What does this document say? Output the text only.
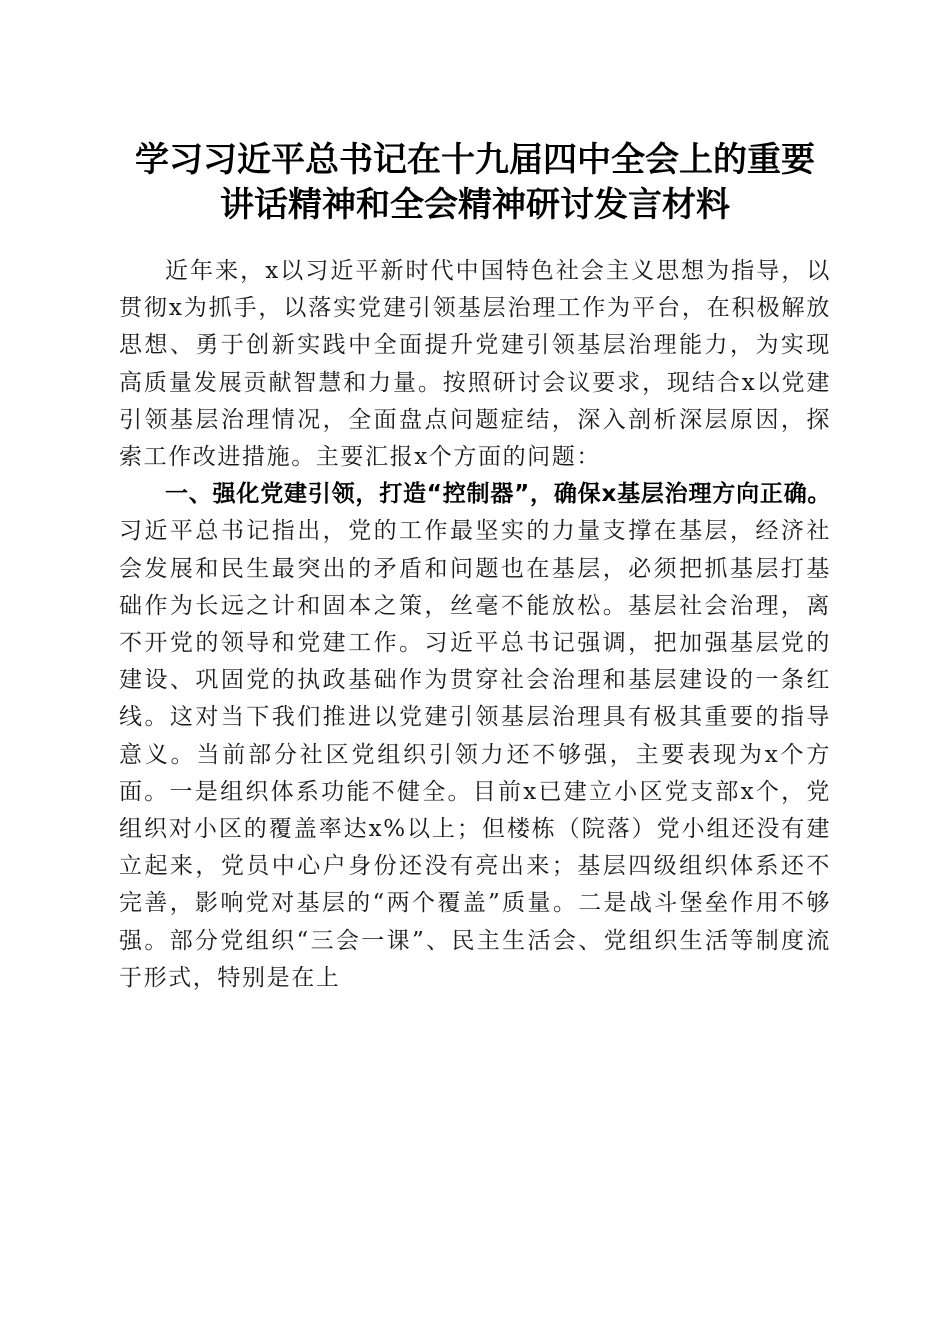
学习习近平总书记在十九届四中全会上的重要
讲话精神和全会精神研讨发言材料

近年来，x以习近平新时代中国特色社会主义思想为指导，以贯彻x为抓手，以落实党建引领基层治理工作为平台，在积极解放思想、勇于创新实践中全面提升党建引领基层治理能力，为实现高质量发展贡献智慧和力量。按照研讨会议要求，现结合x以党建引领基层治理情况，全面盘点问题症结，深入剖析深层原因，探索工作改进措施。主要汇报x个方面的问题：

一、强化党建引领，打造“控制器”，确保x基层治理方向正确。习近平总书记指出，党的工作最坚实的力量支撑在基层，经济社会发展和民生最突出的矛盾和问题也在基层，必须把抓基层打基础作为长远之计和固本之策，丝毫不能放松。基层社会治理，离不开党的领导和党建工作。习近平总书记强调，把加强基层党的建设、巩固党的执政基础作为贯穿社会治理和基层建设的一条红线。这对当下我们推进以党建引领基层治理具有极其重要的指导意义。当前部分社区党组织引领力还不够强，主要表现为x个方面。一是组织体系功能不健全。目前x已建立小区党支部x个，党组织对小区的覆盖率达x%以上；但楼栋（院落）党小组还没有建立起来，党员中心户身份还没有亮出来；基层四级组织体系还不完善，影响党对基层的“两个覆盖”质量。二是战斗堡垒作用不够强。部分党组织“三会一课”、民主生活会、党组织生活等制度流于形式，特别是在上
